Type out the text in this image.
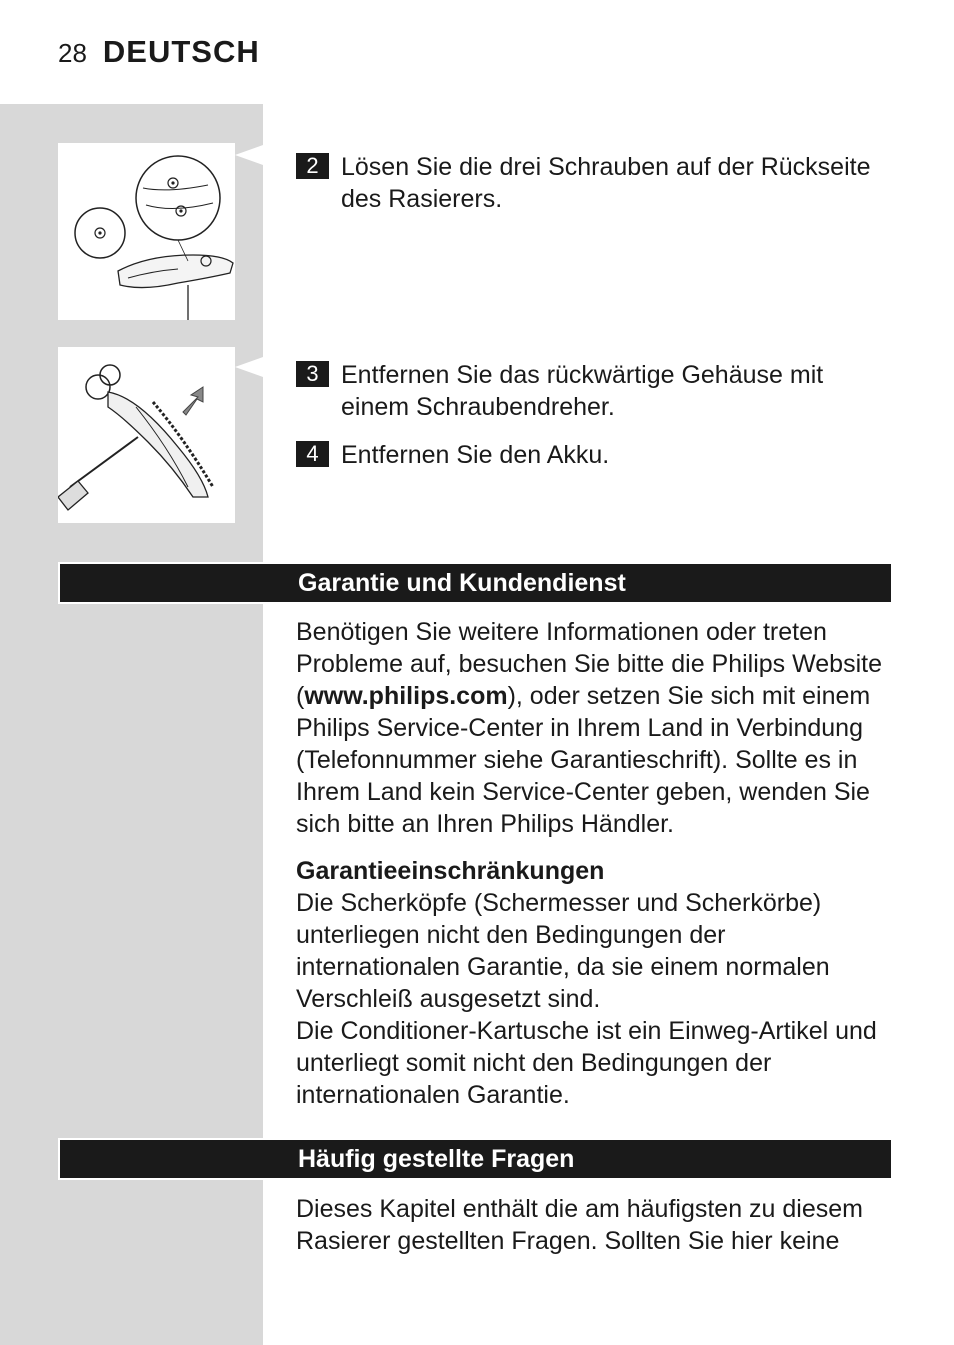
28 DEUTSCH
2 Lösen Sie die drei Schrauben auf der Rückseite des Rasierers.
3 Entfernen Sie das rückwärtige Gehäuse mit einem Schraubendreher.
4 Entfernen Sie den Akku.
Garantie und Kundendienst

Benötigen Sie weitere Informationen oder treten Probleme auf, besuchen Sie bitte die Philips Website (www.philips.com), oder setzen Sie sich mit einem Philips Service-Center in Ihrem Land in Verbindung (Telefonnummer siehe Garantieschrift). Sollte es in Ihrem Land kein Service-Center geben, wenden Sie sich bitte an Ihren Philips Händler.

Garantieeinschränkungen

Die Scherköpfe (Schermesser und Scherkörbe) unterliegen nicht den Bedingungen der internationalen Garantie, da sie einem normalen Verschleiß ausgesetzt sind.

Die Conditioner-Kartusche ist ein Einweg-Artikel und unterliegt somit nicht den Bedingungen der internationalen Garantie.

Häufig gestellte Fragen

Dieses Kapitel enthält die am häufigsten zu diesem Rasierer gestellten Fragen. Sollten Sie hier keine
